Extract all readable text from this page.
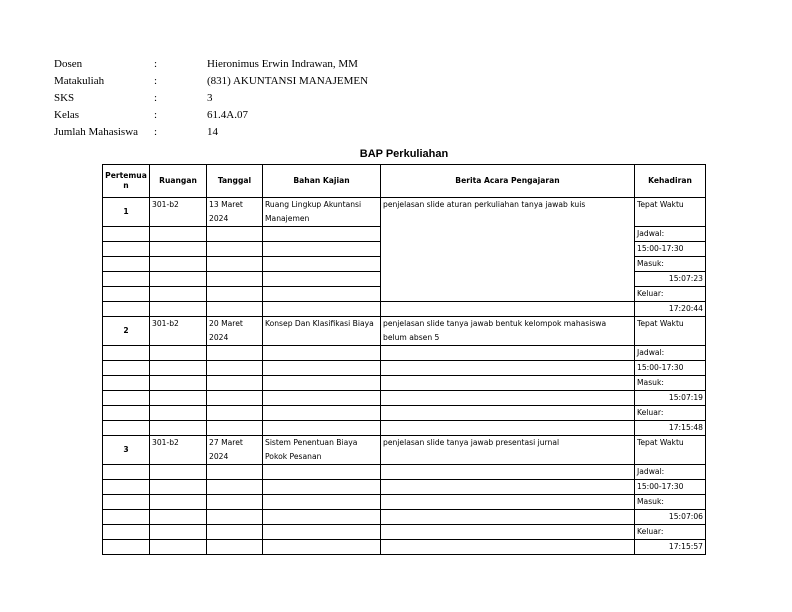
Dosen	:	Hieronimus Erwin Indrawan, MM
Matakuliah	:	(831) AKUNTANSI MANAJEMEN
SKS	:	3
Kelas	:	61.4A.07
Jumlah Mahasiswa :	14
BAP Perkuliahan
Pertemuan	Ruangan	Tanggal	Bahan Kajian	Berita Acara Pengajaran	Kehadiran
1	301-b2	13 Maret 2024	Ruang Lingkup Akuntansi Manajemen	penjelasan slide aturan perkuliahan tanya jawab kuis	Tepat Waktu

					Jadwal:
					15:00-17:30
					Masuk:
					15:07:23
					Keluar:
					17:20:44
2	301-b2	20 Maret 2024	Konsep Dan Klasifikasi Biaya	penjelasan slide tanya jawab bentuk kelompok mahasiswa belum absen 5	Tepat Waktu

					Jadwal:
					15:00-17:30
					Masuk:
					15:07:19
					Keluar:
					17:15:48
3	301-b2	27 Maret 2024	Sistem Penentuan Biaya Pokok Pesanan	penjelasan slide tanya jawab presentasi jurnal	Tepat Waktu

					Jadwal:
					15:00-17:30
					Masuk:
					15:07:06
					Keluar:
					17:15:57
